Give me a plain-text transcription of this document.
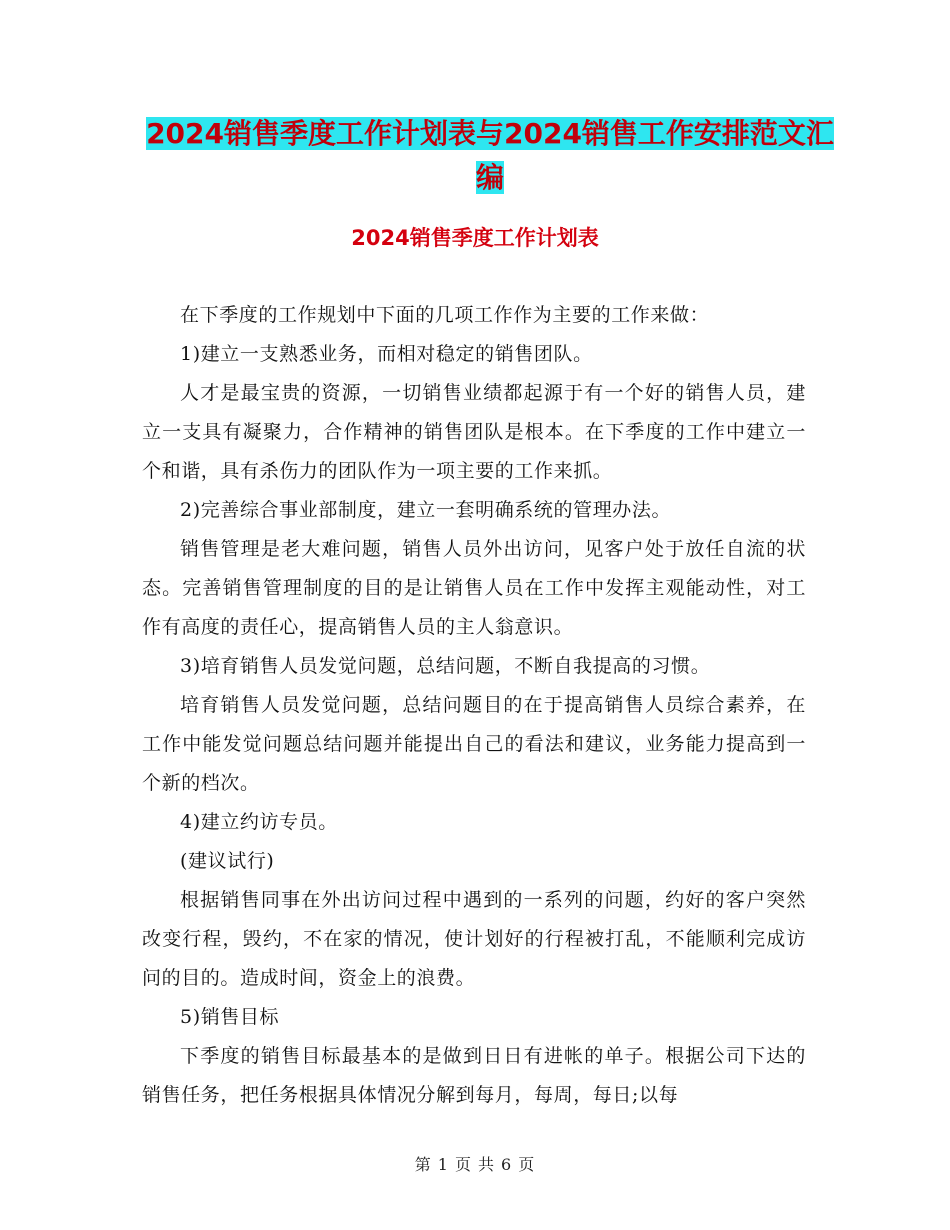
2024销售季度工作计划表与2024销售工作安排范文汇编
2024销售季度工作计划表

在下季度的工作规划中下面的几项工作作为主要的工作来做：

1)建立一支熟悉业务，而相对稳定的销售团队。

人才是最宝贵的资源，一切销售业绩都起源于有一个好的销售人员，建立一支具有凝聚力，合作精神的销售团队是根本。在下季度的工作中建立一个和谐，具有杀伤力的团队作为一项主要的工作来抓。

2)完善综合事业部制度，建立一套明确系统的管理办法。

销售管理是老大难问题，销售人员外出访问，见客户处于放任自流的状态。完善销售管理制度的目的是让销售人员在工作中发挥主观能动性，对工作有高度的责任心，提高销售人员的主人翁意识。

3)培育销售人员发觉问题，总结问题，不断自我提高的习惯。

培育销售人员发觉问题，总结问题目的在于提高销售人员综合素养，在工作中能发觉问题总结问题并能提出自己的看法和建议，业务能力提高到一个新的档次。

4)建立约访专员。

(建议试行)

根据销售同事在外出访问过程中遇到的一系列的问题，约好的客户突然改变行程，毁约，不在家的情况，使计划好的行程被打乱，不能顺利完成访问的目的。造成时间，资金上的浪费。

5)销售目标

下季度的销售目标最基本的是做到日日有进帐的单子。根据公司下达的销售任务，把任务根据具体情况分解到每月，每周，每日;以每

第 1 页 共 6 页
